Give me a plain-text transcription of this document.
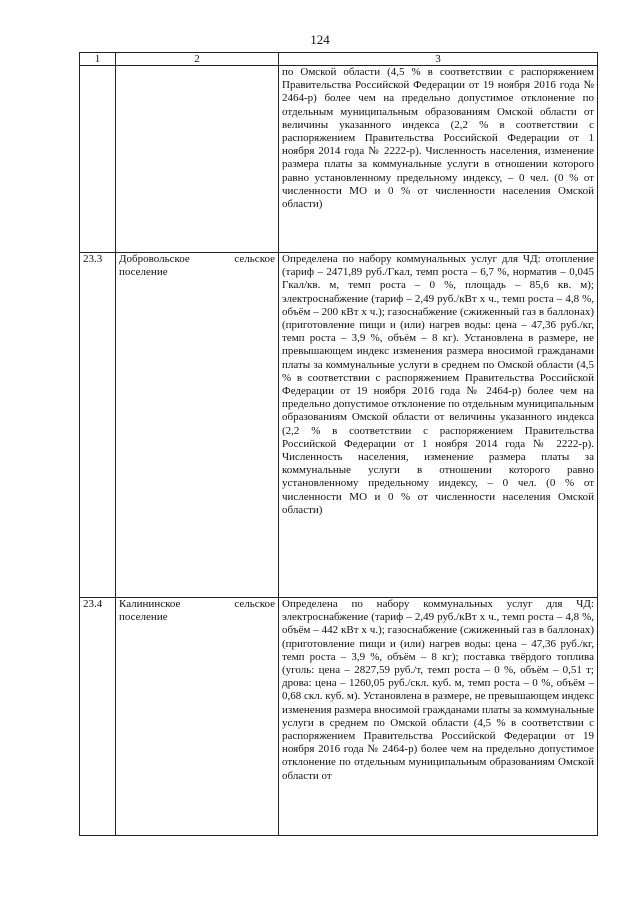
124
1	2	3

		по Омской области (4,5 % в соответствии с распоряжением Правительства Российской Федерации от 19 ноября 2016 года № 2464-р) более чем на предельно допустимое отклонение по отдельным муниципальным образованиям Омской области от величины указанного индекса (2,2 % в соответствии с распоряжением Правительства Российской Федерации от 1 ноября 2014 года № 2222-р). Численность населения, изменение размера платы за коммунальные услуги в отношении которого равно установленному предельному индексу, – 0 чел. (0 % от численности МО и 0 % от численности населения Омской области)

23.3	Добровольское сельское поселение	Определена по набору коммунальных услуг для ЧД: отопление (тариф – 2471,89 руб./Гкал, темп роста – 6,7 %, норматив – 0,045 Гкал/кв. м, темп роста – 0 %, площадь – 85,6 кв. м); электроснабжение (тариф – 2,49 руб./кВт х ч., темп роста – 4,8 %, объём – 200 кВт х ч.); газоснабжение (сжиженный газ в баллонах) (приготовление пищи и (или) нагрев воды: цена – 47,36 руб./кг, темп роста – 3,9 %, объём – 8 кг). Установлена в размере, не превышающем индекс изменения размера вносимой гражданами платы за коммунальные услуги в среднем по Омской области (4,5 % в соответствии с распоряжением Правительства Российской Федерации от 19 ноября 2016 года № 2464-р) более чем на предельно допустимое отклонение по отдельным муниципальным образованиям Омской области от величины указанного индекса (2,2 % в соответствии с распоряжением Правительства Российской Федерации от 1 ноября 2014 года № 2222-р). Численность населения, изменение размера платы за коммунальные услуги в отношении которого равно установленному предельному индексу, – 0 чел. (0 % от численности МО и 0 % от численности населения Омской области)

23.4	Калининское сельское поселение	Определена по набору коммунальных услуг для ЧД: электроснабжение (тариф – 2,49 руб./кВт х ч., темп роста – 4,8 %, объём – 442 кВт х ч.); газоснабжение (сжиженный газ в баллонах) (приготовление пищи и (или) нагрев воды: цена – 47,36 руб./кг, темп роста – 3,9 %, объём – 8 кг); поставка твёрдого топлива (уголь: цена – 2827,59 руб./т, темп роста – 0 %, объём – 0,51 т; дрова: цена – 1260,05 руб./скл. куб. м, темп роста – 0 %, объём – 0,68 скл. куб. м). Установлена в размере, не превышающем индекс изменения размера вносимой гражданами платы за коммунальные услуги в среднем по Омской области (4,5 % в соответствии с распоряжением Правительства Российской Федерации от 19 ноября 2016 года № 2464-р) более чем на предельно допустимое отклонение по отдельным муниципальным образованиям Омской области от
